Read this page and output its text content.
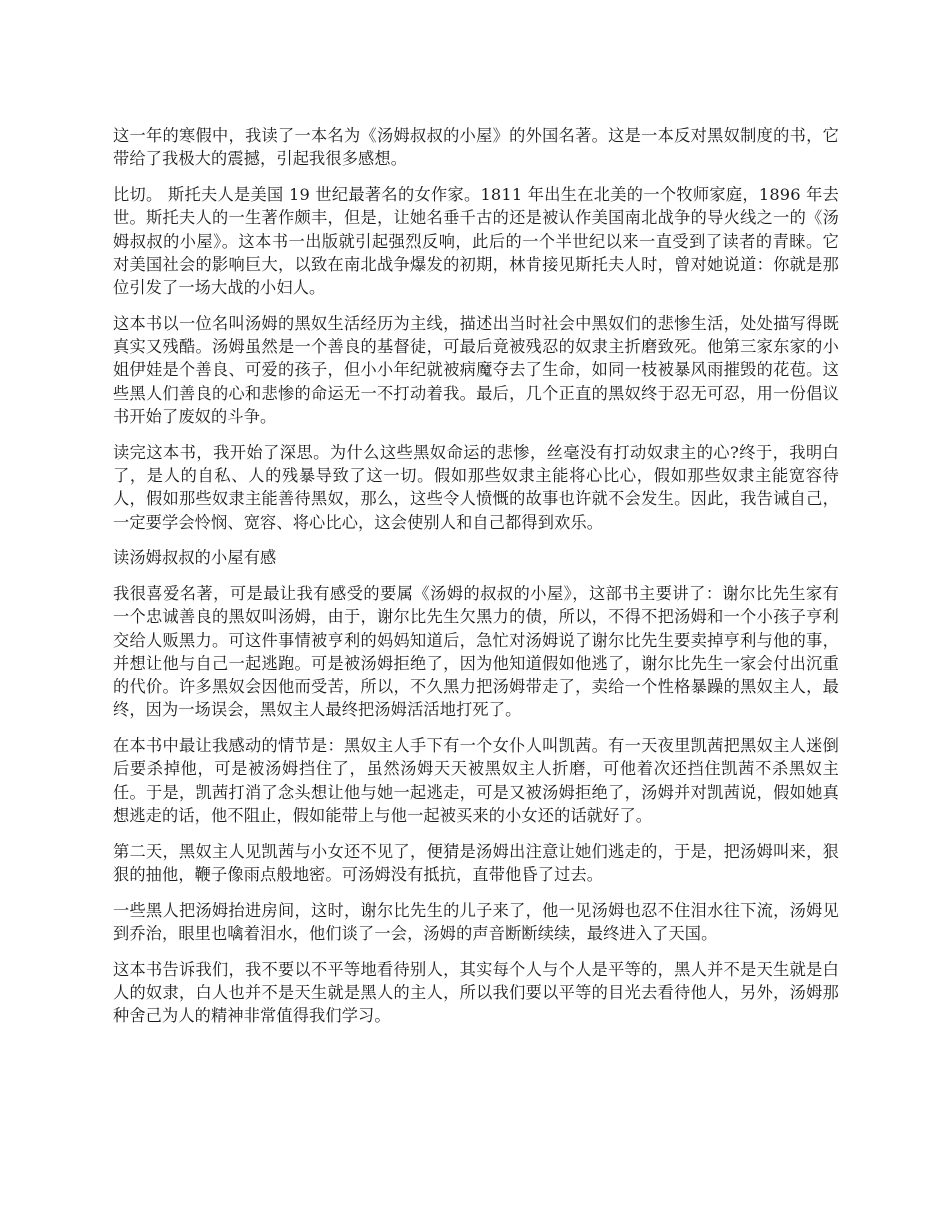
这一年的寒假中，我读了一本名为《汤姆叔叔的小屋》的外国名著。这是一本反对黑奴制度的书，它带给了我极大的震撼，引起我很多感想。

比切。 斯托夫人是美国 19 世纪最著名的女作家。1811 年出生在北美的一个牧师家庭，1896 年去世。斯托夫人的一生著作颇丰，但是，让她名垂千古的还是被认作美国南北战争的导火线之一的《汤姆叔叔的小屋》。这本书一出版就引起强烈反响，此后的一个半世纪以来一直受到了读者的青睐。它对美国社会的影响巨大，以致在南北战争爆发的初期，林肯接见斯托夫人时，曾对她说道：你就是那位引发了一场大战的小妇人。

这本书以一位名叫汤姆的黑奴生活经历为主线，描述出当时社会中黑奴们的悲惨生活，处处描写得既真实又残酷。汤姆虽然是一个善良的基督徒，可最后竟被残忍的奴隶主折磨致死。他第三家东家的小姐伊娃是个善良、可爱的孩子，但小小年纪就被病魔夺去了生命，如同一枝被暴风雨摧毁的花苞。这些黑人们善良的心和悲惨的命运无一不打动着我。最后，几个正直的黑奴终于忍无可忍，用一份倡议书开始了废奴的斗争。

读完这本书，我开始了深思。为什么这些黑奴命运的悲惨，丝毫没有打动奴隶主的心?终于，我明白了，是人的自私、人的残暴导致了这一切。假如那些奴隶主能将心比心，假如那些奴隶主能宽容待人，假如那些奴隶主能善待黑奴，那么，这些令人愤慨的故事也许就不会发生。因此，我告诫自己，一定要学会怜悯、宽容、将心比心，这会使别人和自己都得到欢乐。

读汤姆叔叔的小屋有感

我很喜爱名著，可是最让我有感受的要属《汤姆的叔叔的小屋》，这部书主要讲了：谢尔比先生家有一个忠诚善良的黑奴叫汤姆，由于，谢尔比先生欠黑力的债，所以，不得不把汤姆和一个小孩子亨利交给人贩黑力。可这件事情被亨利的妈妈知道后，急忙对汤姆说了谢尔比先生要卖掉亨利与他的事，并想让他与自己一起逃跑。可是被汤姆拒绝了，因为他知道假如他逃了，谢尔比先生一家会付出沉重的代价。许多黑奴会因他而受苦，所以，不久黑力把汤姆带走了，卖给一个性格暴躁的黑奴主人，最终，因为一场误会，黑奴主人最终把汤姆活活地打死了。

在本书中最让我感动的情节是：黑奴主人手下有一个女仆人叫凯茜。有一天夜里凯茜把黑奴主人迷倒后要杀掉他，可是被汤姆挡住了，虽然汤姆天天被黑奴主人折磨，可他着次还挡住凯茜不杀黑奴主任。于是，凯茜打消了念头想让他与她一起逃走，可是又被汤姆拒绝了，汤姆并对凯茜说，假如她真想逃走的话，他不阻止，假如能带上与他一起被买来的小女还的话就好了。

第二天，黑奴主人见凯茜与小女还不见了，便猜是汤姆出注意让她们逃走的，于是，把汤姆叫来，狠狠的抽他，鞭子像雨点般地密。可汤姆没有抵抗，直带他昏了过去。

一些黑人把汤姆抬进房间，这时，谢尔比先生的儿子来了，他一见汤姆也忍不住泪水往下流，汤姆见到乔治，眼里也噙着泪水，他们谈了一会，汤姆的声音断断续续，最终进入了天国。

这本书告诉我们，我不要以不平等地看待别人，其实每个人与个人是平等的，黑人并不是天生就是白人的奴隶，白人也并不是天生就是黑人的主人，所以我们要以平等的目光去看待他人，另外，汤姆那种舍己为人的精神非常值得我们学习。
